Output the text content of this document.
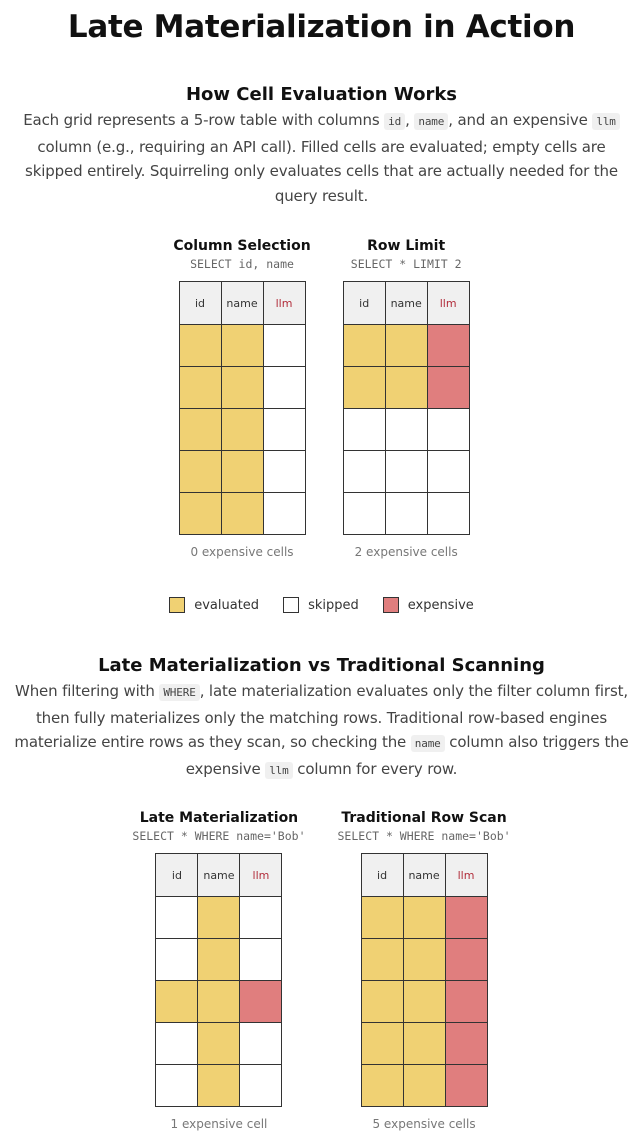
Late Materialization in Action
How Cell Evaluation Works

Each grid represents a 5-row table with columns id , name , and an expensive llm column (e.g., requiring an API call). Filled cells are evaluated; empty cells are skipped entirely. Squirreling only evaluates cells that are actually needed for the query result.

Column Selection
SELECT id, name
id	name	llm

0 expensive cells
Row Limit
SELECT * LIMIT 2
id	name	llm

2 expensive cells
evaluated	skipped	expensive
Late Materialization vs Traditional Scanning

When filtering with WHERE , late materialization evaluates only the filter column first, then fully materializes only the matching rows. Traditional row-based engines materialize entire rows as they scan, so checking the name column also triggers the expensive llm column for every row.

Late Materialization
SELECT * WHERE name='Bob'
id	name	llm

1 expensive cell
Traditional Row Scan
SELECT * WHERE name='Bob'
id	name	llm

5 expensive cells
